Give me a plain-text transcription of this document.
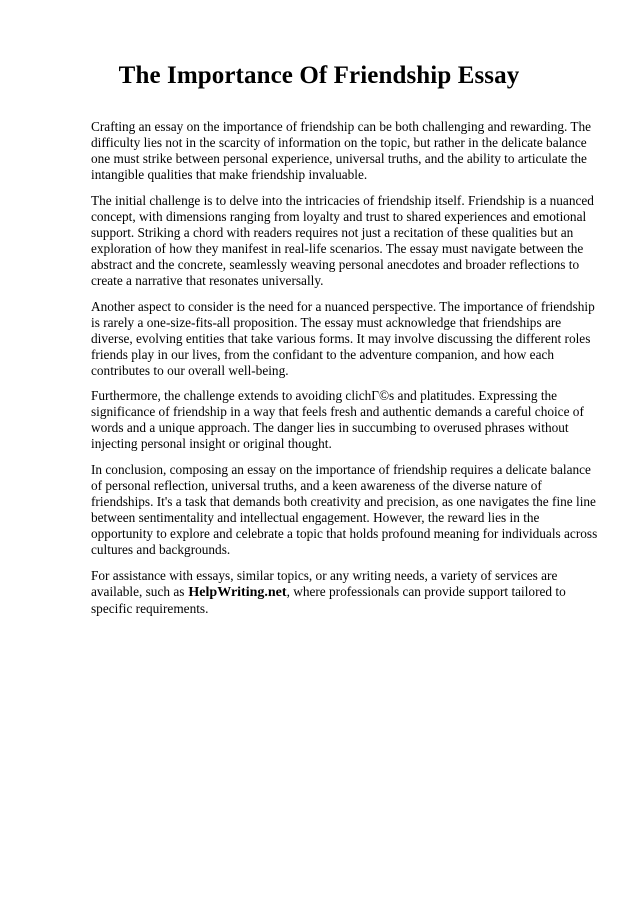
The Importance Of Friendship Essay

Crafting an essay on the importance of friendship can be both challenging and rewarding. The difficulty lies not in the scarcity of information on the topic, but rather in the delicate balance one must strike between personal experience, universal truths, and the ability to articulate the intangible qualities that make friendship invaluable.

The initial challenge is to delve into the intricacies of friendship itself. Friendship is a nuanced concept, with dimensions ranging from loyalty and trust to shared experiences and emotional support. Striking a chord with readers requires not just a recitation of these qualities but an exploration of how they manifest in real-life scenarios. The essay must navigate between the abstract and the concrete, seamlessly weaving personal anecdotes and broader reflections to create a narrative that resonates universally.

Another aspect to consider is the need for a nuanced perspective. The importance of friendship is rarely a one-size-fits-all proposition. The essay must acknowledge that friendships are diverse, evolving entities that take various forms. It may involve discussing the different roles friends play in our lives, from the confidant to the adventure companion, and how each contributes to our overall well-being.

Furthermore, the challenge extends to avoiding clichГ©s and platitudes. Expressing the significance of friendship in a way that feels fresh and authentic demands a careful choice of words and a unique approach. The danger lies in succumbing to overused phrases without injecting personal insight or original thought.

In conclusion, composing an essay on the importance of friendship requires a delicate balance of personal reflection, universal truths, and a keen awareness of the diverse nature of friendships. It's a task that demands both creativity and precision, as one navigates the fine line between sentimentality and intellectual engagement. However, the reward lies in the opportunity to explore and celebrate a topic that holds profound meaning for individuals across cultures and backgrounds.

For assistance with essays, similar topics, or any writing needs, a variety of services are available, such as HelpWriting.net, where professionals can provide support tailored to specific requirements.
